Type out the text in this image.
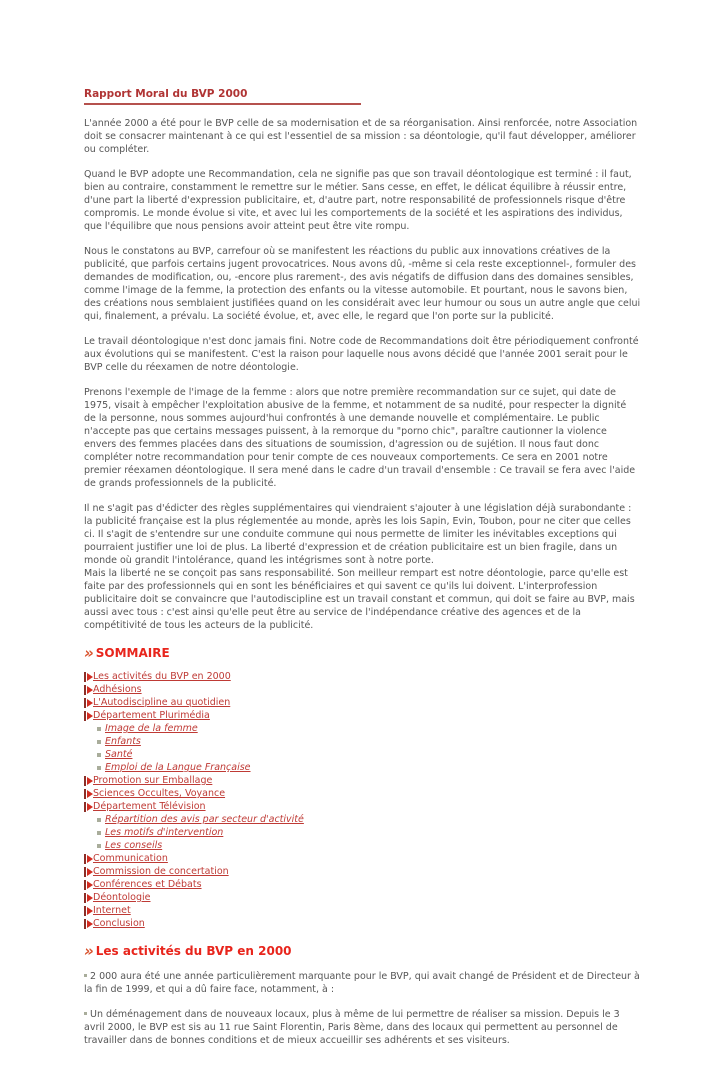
Rapport Moral du BVP 2000

L'année 2000 a été pour le BVP celle de sa modernisation et de sa réorganisation. Ainsi renforcée, notre Association doit se consacrer maintenant à ce qui est l'essentiel de sa mission : sa déontologie, qu'il faut développer, améliorer ou compléter.

Quand le BVP adopte une Recommandation, cela ne signifie pas que son travail déontologique est terminé : il faut, bien au contraire, constamment le remettre sur le métier. Sans cesse, en effet, le délicat équilibre à réussir entre, d'une part la liberté d'expression publicitaire, et, d'autre part, notre responsabilité de professionnels risque d'être compromis. Le monde évolue si vite, et avec lui les comportements de la société et les aspirations des individus, que l'équilibre que nous pensions avoir atteint peut être vite rompu.

Nous le constatons au BVP, carrefour où se manifestent les réactions du public aux innovations créatives de la publicité, que parfois certains jugent provocatrices. Nous avons dû, -même si cela reste exceptionnel-, formuler des demandes de modification, ou, -encore plus rarement-, des avis négatifs de diffusion dans des domaines sensibles, comme l'image de la femme, la protection des enfants ou la vitesse automobile. Et pourtant, nous le savons bien, des créations nous semblaient justifiées quand on les considérait avec leur humour ou sous un autre angle que celui qui, finalement, a prévalu. La société évolue, et, avec elle, le regard que l'on porte sur la publicité.

Le travail déontologique n'est donc jamais fini. Notre code de Recommandations doit être périodiquement confronté aux évolutions qui se manifestent. C'est la raison pour laquelle nous avons décidé que l'année 2001 serait pour le BVP celle du réexamen de notre déontologie.

Prenons l'exemple de l'image de la femme : alors que notre première recommandation sur ce sujet, qui date de 1975, visait à empêcher l'exploitation abusive de la femme, et notamment de sa nudité, pour respecter la dignité de la personne, nous sommes aujourd'hui confrontés à une demande nouvelle et complémentaire. Le public n'accepte pas que certains messages puissent, à la remorque du "porno chic", paraître cautionner la violence envers des femmes placées dans des situations de soumission, d'agression ou de sujétion. Il nous faut donc compléter notre recommandation pour tenir compte de ces nouveaux comportements. Ce sera en 2001 notre premier réexamen déontologique. Il sera mené dans le cadre d'un travail d'ensemble : Ce travail se fera avec l'aide de grands professionnels de la publicité.

Il ne s'agit pas d'édicter des règles supplémentaires qui viendraient s'ajouter à une législation déjà surabondante : la publicité française est la plus réglementée au monde, après les lois Sapin, Evin, Toubon, pour ne citer que celles ci. Il s'agit de s'entendre sur une conduite commune qui nous permette de limiter les inévitables exceptions qui pourraient justifier une loi de plus. La liberté d'expression et de création publicitaire est un bien fragile, dans un monde où grandit l'intolérance, quand les intégrismes sont à notre porte.
Mais la liberté ne se conçoit pas sans responsabilité. Son meilleur rempart est notre déontologie, parce qu'elle est faite par des professionnels qui en sont les bénéficiaires et qui savent ce qu'ils lui doivent. L'interprofession publicitaire doit se convaincre que l'autodiscipline est un travail constant et commun, qui doit se faire au BVP, mais aussi avec tous : c'est ainsi qu'elle peut être au service de l'indépendance créative des agences et de la compétitivité de tous les acteurs de la publicité.

» SOMMAIRE
Les activités du BVP en 2000
Adhésions
L'Autodiscipline au quotidien
Département Plurimédia
Image de la femme
Enfants
Santé
Emploi de la Langue Française
Promotion sur Emballage
Sciences Occultes, Voyance
Département Télévision
Répartition des avis par secteur d'activité
Les motifs d'intervention
Les conseils
Communication
Commission de concertation
Conférences et Débats
Déontologie
Internet
Conclusion
» Les activités du BVP en 2000

2 000 aura été une année particulièrement marquante pour le BVP, qui avait changé de Président et de Directeur à la fin de 1999, et qui a dû faire face, notamment, à :

Un déménagement dans de nouveaux locaux, plus à même de lui permettre de réaliser sa mission. Depuis le 3 avril 2000, le BVP est sis au 11 rue Saint Florentin, Paris 8ème, dans des locaux qui permettent au personnel de travailler dans de bonnes conditions et de mieux accueillir ses adhérents et ses visiteurs.
